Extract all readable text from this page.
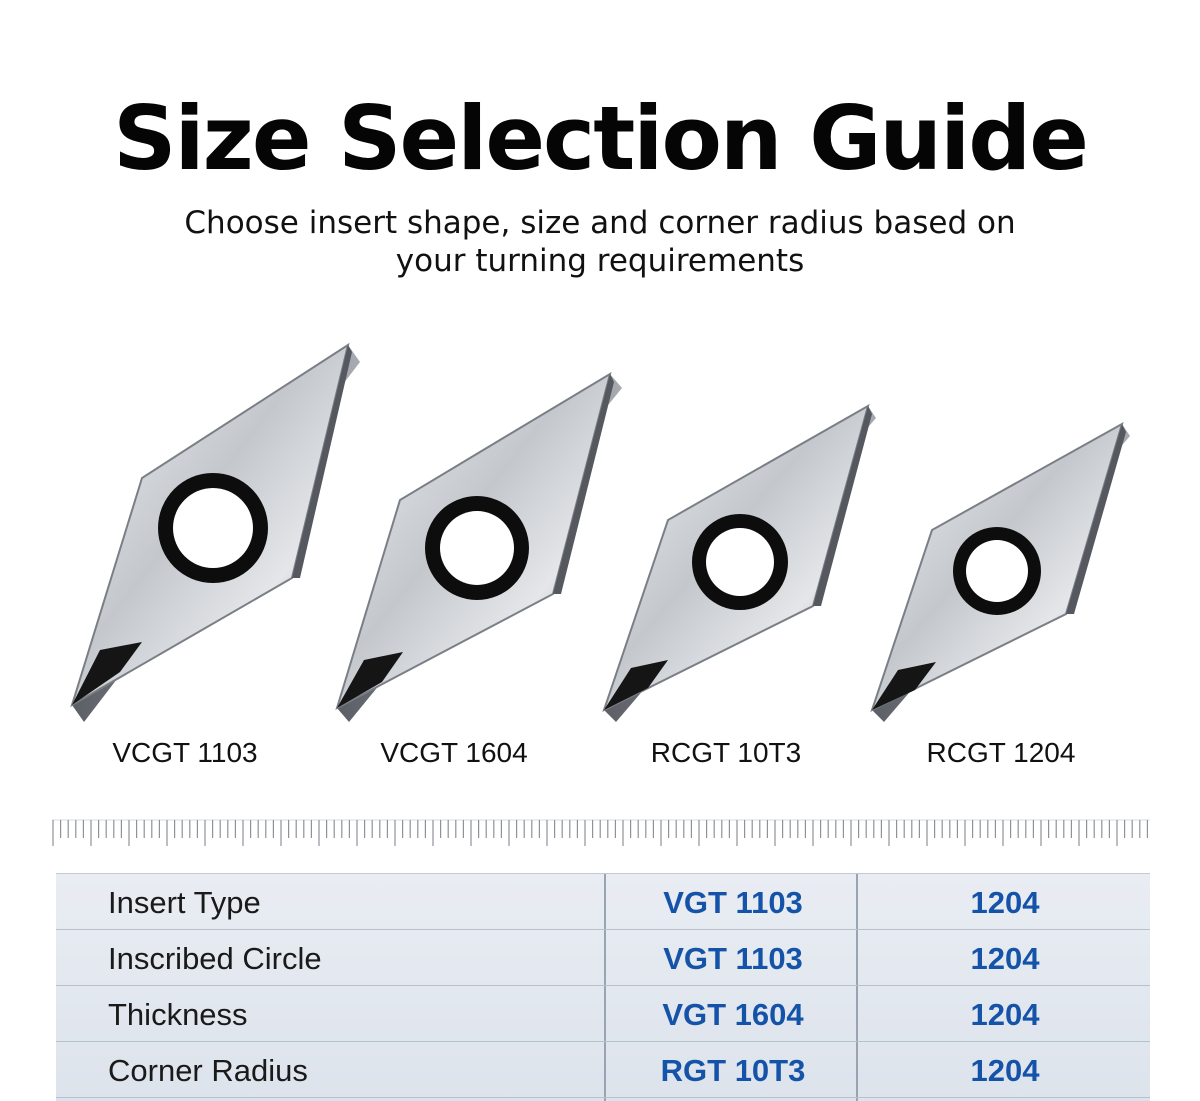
Size Selection Guide
Choose insert shape, size and corner radius based on
your turning requirements
VCGT 1103	VCGT 1604	RCGT 10T3	RCGT 1204
Insert Type	VGT 1103	1204
Inscribed Circle	VGT 1103	1204
Thickness	VGT 1604	1204
Corner Radius	RGT 10T3	1204
